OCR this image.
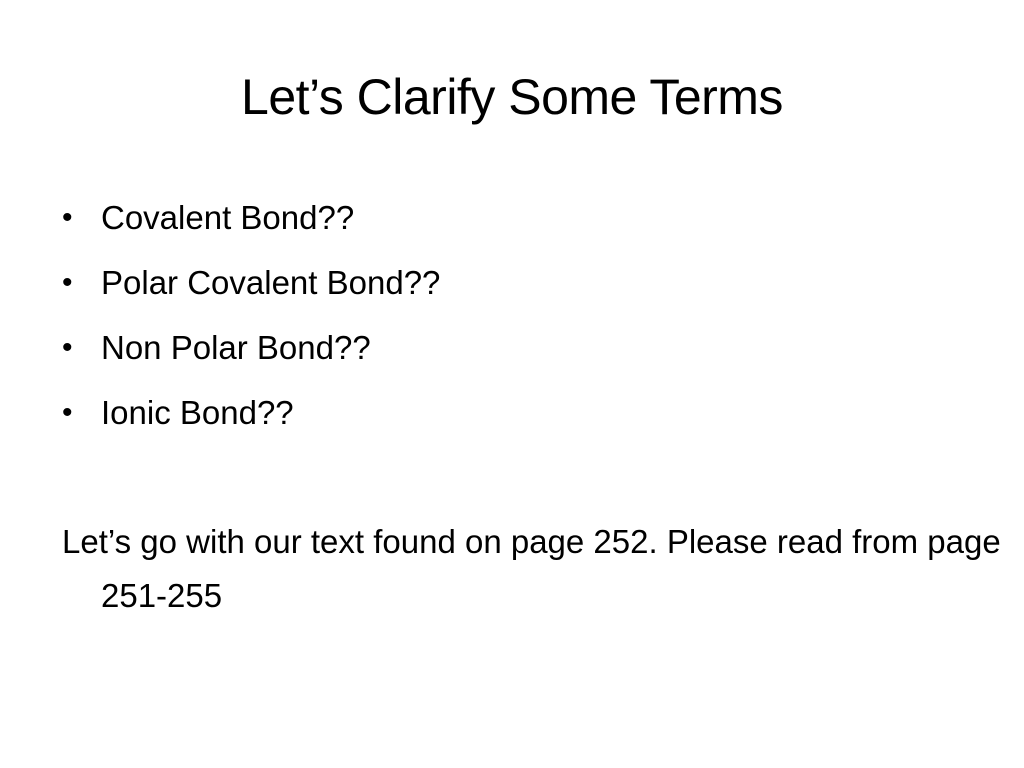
Let’s Clarify Some Terms
• Covalent Bond??
• Polar Covalent Bond??
• Non Polar Bond??
• Ionic Bond??

Let’s go with our text found on page 252. Please read from page 251-255
